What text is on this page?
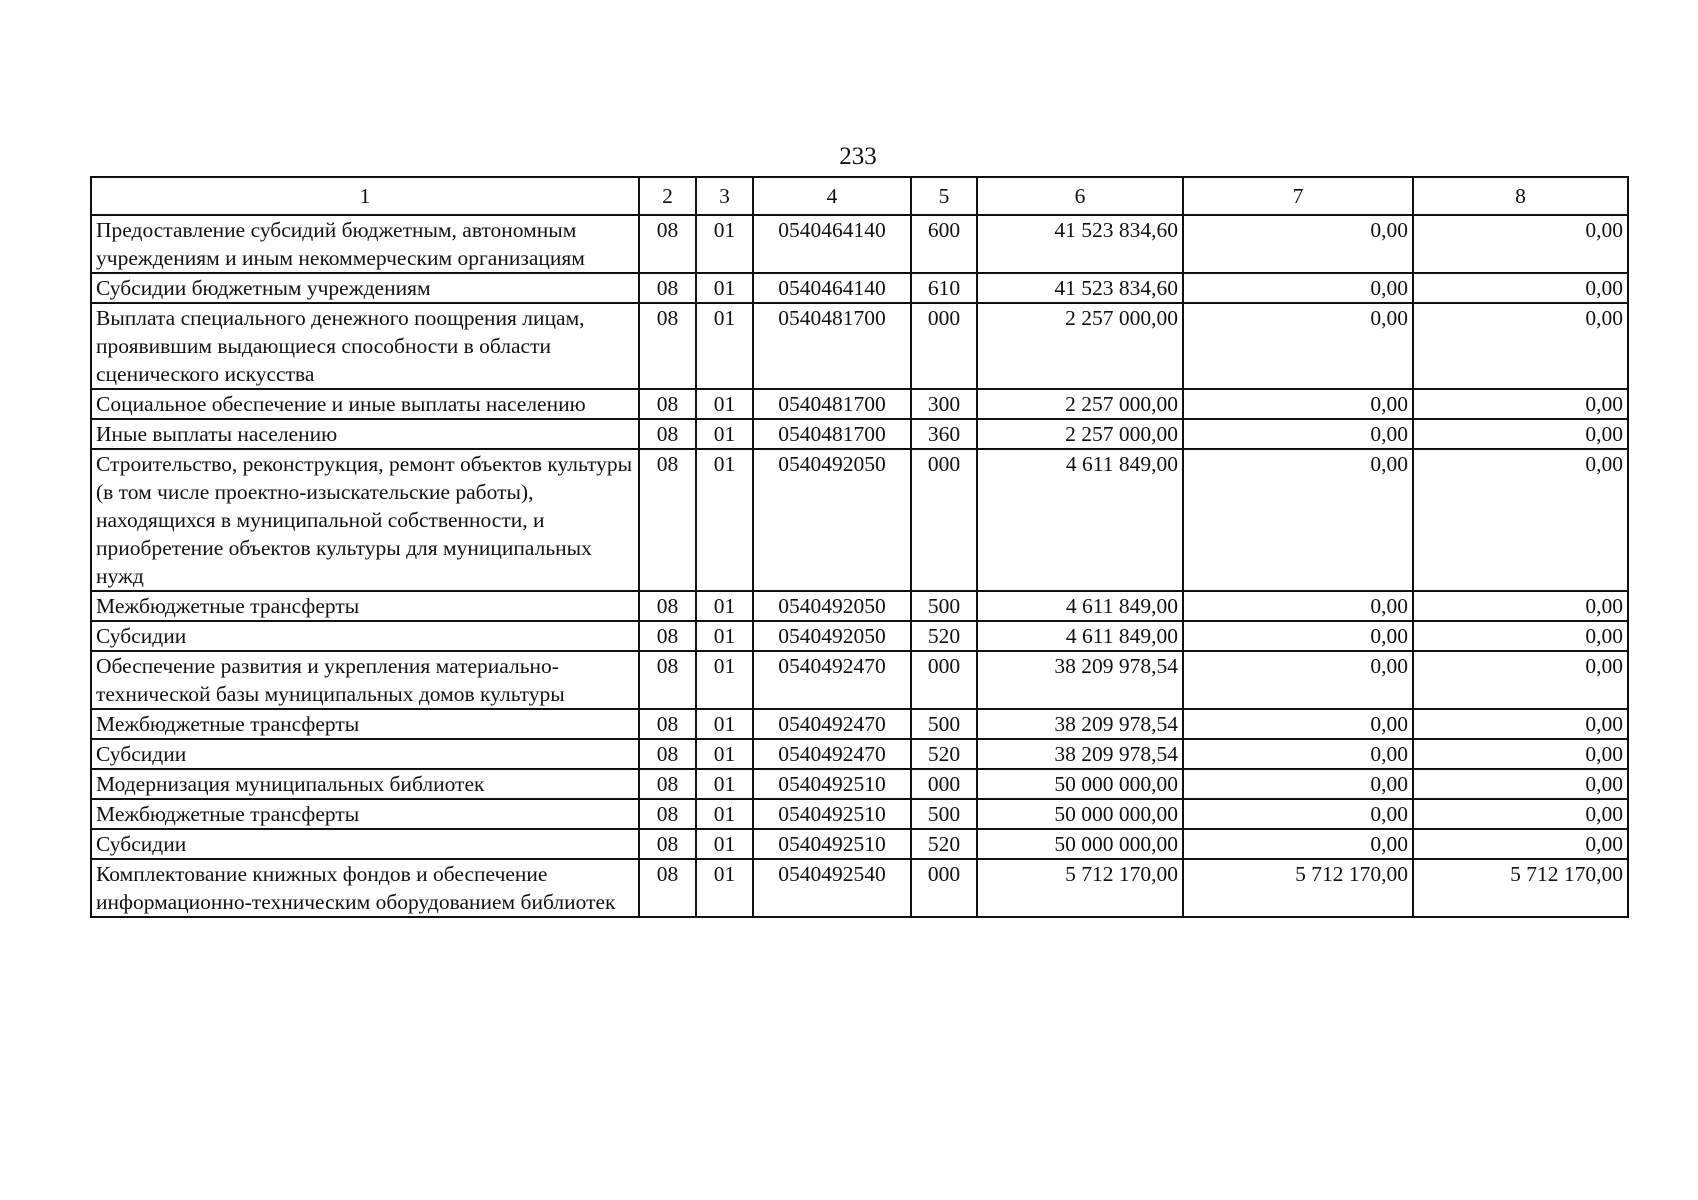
233
1	2	3	4	5	6	7	8
Предоставление субсидий бюджетным, автономным учреждениям и иным некоммерческим организациям	08	01	0540464140	600	41 523 834,60	0,00	0,00
Субсидии бюджетным учреждениям	08	01	0540464140	610	41 523 834,60	0,00	0,00
Выплата специального денежного поощрения лицам, проявившим выдающиеся способности в области сценического искусства	08	01	0540481700	000	2 257 000,00	0,00	0,00
Социальное обеспечение и иные выплаты населению	08	01	0540481700	300	2 257 000,00	0,00	0,00
Иные выплаты населению	08	01	0540481700	360	2 257 000,00	0,00	0,00
Строительство, реконструкция, ремонт объектов культуры (в том числе проектно-изыскательские работы), находящихся в муниципальной собственности, и приобретение объектов культуры для муниципальных нужд	08	01	0540492050	000	4 611 849,00	0,00	0,00
Межбюджетные трансферты	08	01	0540492050	500	4 611 849,00	0,00	0,00
Субсидии	08	01	0540492050	520	4 611 849,00	0,00	0,00
Обеспечение развития и укрепления материально-технической базы муниципальных домов культуры	08	01	0540492470	000	38 209 978,54	0,00	0,00
Межбюджетные трансферты	08	01	0540492470	500	38 209 978,54	0,00	0,00
Субсидии	08	01	0540492470	520	38 209 978,54	0,00	0,00
Модернизация муниципальных библиотек	08	01	0540492510	000	50 000 000,00	0,00	0,00
Межбюджетные трансферты	08	01	0540492510	500	50 000 000,00	0,00	0,00
Субсидии	08	01	0540492510	520	50 000 000,00	0,00	0,00
Комплектование книжных фондов и обеспечение информационно-техническим оборудованием библиотек	08	01	0540492540	000	5 712 170,00	5 712 170,00	5 712 170,00
